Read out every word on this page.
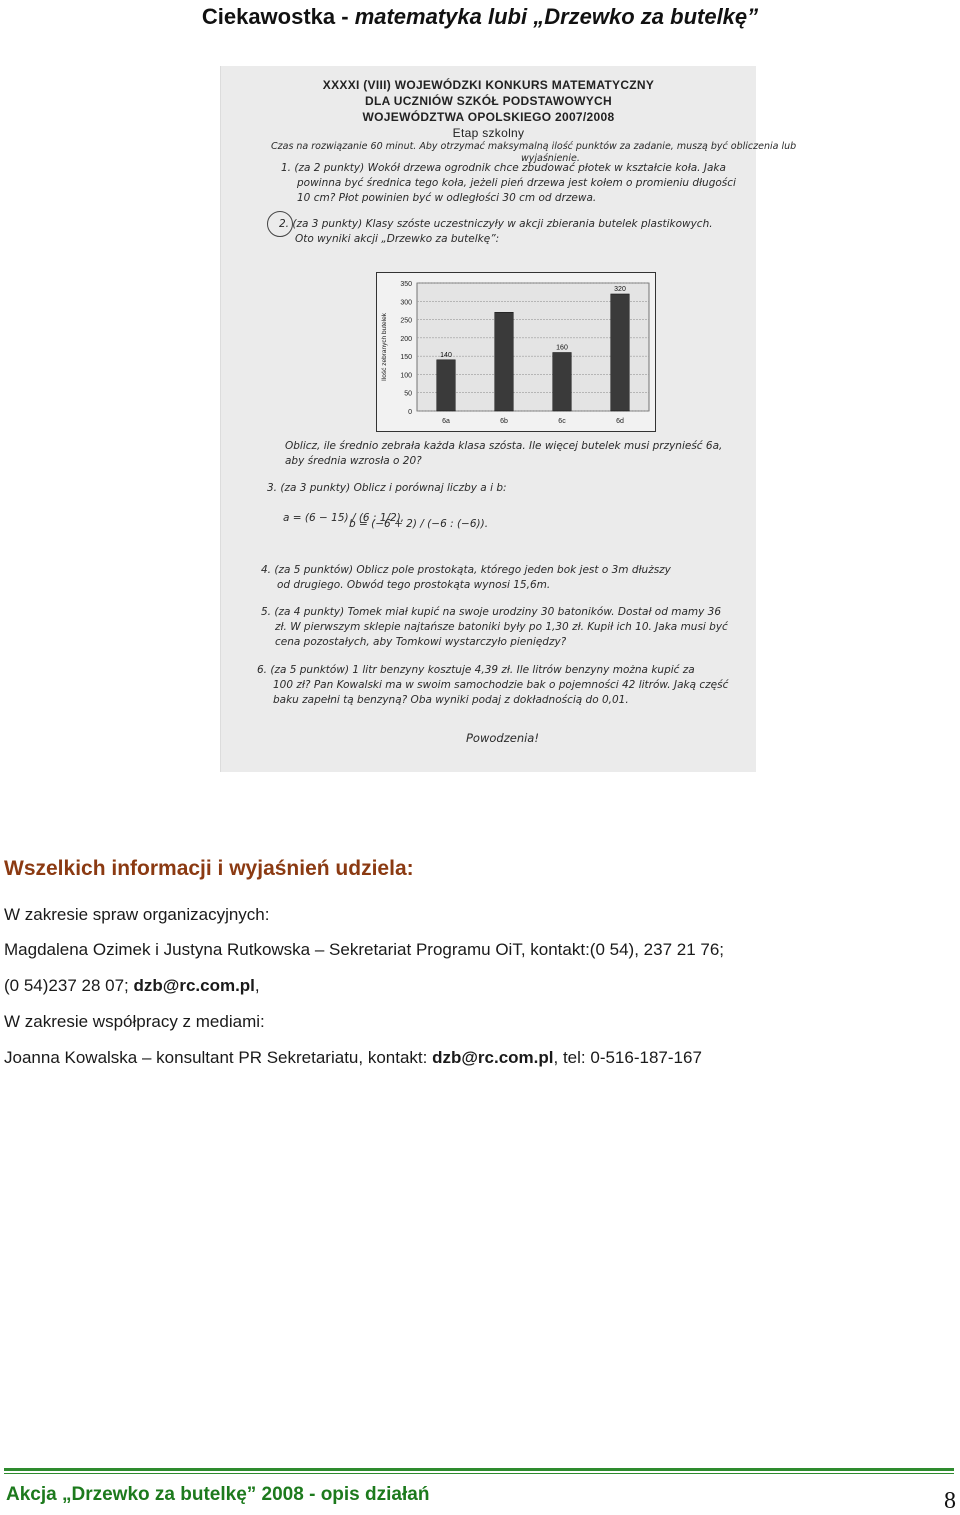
Ciekawostka - matematyka lubi „Drzewko za butelkę”
XXXXI (VIII) WOJEWÓDZKI KONKURS MATEMATYCZNY
DLA UCZNIÓW SZKÓŁ PODSTAWOWYCH
WOJEWÓDZTWA OPOLSKIEGO 2007/2008
Etap szkolny
Czas na rozwiązanie 60 minut. Aby otrzymać maksymalną ilość punktów za zadanie, muszą być obliczenia lub
wyjaśnienie.
1. (za 2 punkty) Wokół drzewa ogrodnik chce zbudować płotek w kształcie koła. Jaka
powinna być średnica tego koła, jeżeli pień drzewa jest kołem o promieniu długości
10 cm? Płot powinien być w odległości 30 cm od drzewa.
2. (za 3 punkty) Klasy szóste uczestniczyły w akcji zbierania butelek plastikowych.
Oto wyniki akcji „Drzewko za butelkę”:
0
50
100
150
200
250
300
350
Ilość zebranych butelek	140
6a	6b
160
6c
320
6d
Oblicz, ile średnio zebrała każda klasa szósta. Ile więcej butelek musi przynieść 6a,
aby średnia wzrosła o 20?
3. (za 3 punkty) Oblicz i porównaj liczby a i b:
a = (6 − 15) / (6 : 1/2),
b = (−6 + 2) / (−6 : (−6)).
4. (za 5 punktów) Oblicz pole prostokąta, którego jeden bok jest o 3m dłuższy
od drugiego. Obwód tego prostokąta wynosi 15,6m.
5. (za 4 punkty) Tomek miał kupić na swoje urodziny 30 batoników. Dostał od mamy 36
zł. W pierwszym sklepie najtańsze batoniki były po 1,30 zł. Kupił ich 10. Jaka musi być
cena pozostałych, aby Tomkowi wystarczyło pieniędzy?
6. (za 5 punktów) 1 litr benzyny kosztuje 4,39 zł. Ile litrów benzyny można kupić za
100 zł? Pan Kowalski ma w swoim samochodzie bak o pojemności 42 litrów. Jaką część
baku zapełni tą benzyną? Oba wyniki podaj z dokładnością do 0,01.
Powodzenia!
Wszelkich informacji i wyjaśnień udziela:
W zakresie spraw organizacyjnych:
Magdalena Ozimek i Justyna Rutkowska – Sekretariat Programu OiT, kontakt:(0 54), 237 21 76;
(0 54)237 28 07; dzb@rc.com.pl,
W zakresie współpracy z mediami:
Joanna Kowalska – konsultant PR Sekretariatu, kontakt: dzb@rc.com.pl, tel: 0-516-187-167
Akcja „Drzewko za butelkę” 2008 - opis działań	8
